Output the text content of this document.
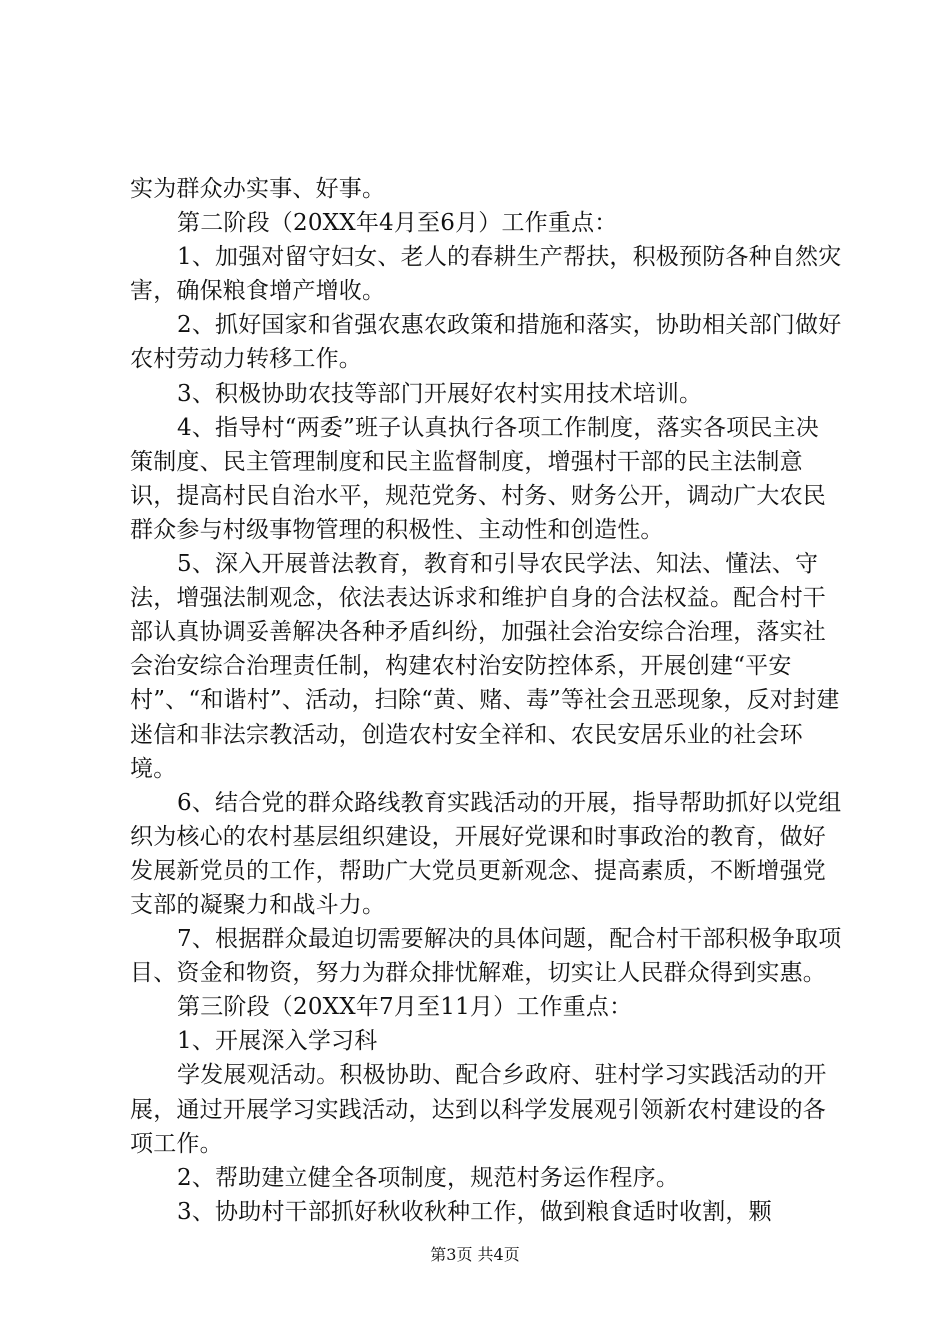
实为群众办实事、好事。

第二阶段（20XX年4月至6月）工作重点：

1、加强对留守妇女、老人的春耕生产帮扶，积极预防各种自然灾害，确保粮食增产增收。

2、抓好国家和省强农惠农政策和措施和落实，协助相关部门做好农村劳动力转移工作。

3、积极协助农技等部门开展好农村实用技术培训。

4、指导村“两委”班子认真执行各项工作制度，落实各项民主决策制度、民主管理制度和民主监督制度，增强村干部的民主法制意识，提高村民自治水平，规范党务、村务、财务公开，调动广大农民群众参与村级事物管理的积极性、主动性和创造性。

5、深入开展普法教育，教育和引导农民学法、知法、懂法、守法，增强法制观念，依法表达诉求和维护自身的合法权益。配合村干部认真协调妥善解决各种矛盾纠纷，加强社会治安综合治理，落实社会治安综合治理责任制，构建农村治安防控体系，开展创建“平安村”、“和谐村”、活动，扫除“黄、赌、毒”等社会丑恶现象，反对封建迷信和非法宗教活动，创造农村安全祥和、农民安居乐业的社会环境。

6、结合党的群众路线教育实践活动的开展，指导帮助抓好以党组织为核心的农村基层组织建设，开展好党课和时事政治的教育，做好发展新党员的工作，帮助广大党员更新观念、提高素质，不断增强党支部的凝聚力和战斗力。

7、根据群众最迫切需要解决的具体问题，配合村干部积极争取项目、资金和物资，努力为群众排忧解难，切实让人民群众得到实惠。

第三阶段（20XX年7月至11月）工作重点：

1、开展深入学习科

学发展观活动。积极协助、配合乡政府、驻村学习实践活动的开展，通过开展学习实践活动，达到以科学发展观引领新农村建设的各项工作。

2、帮助建立健全各项制度，规范村务运作程序。

3、协助村干部抓好秋收秋种工作，做到粮食适时收割，颗

第3页 共4页
